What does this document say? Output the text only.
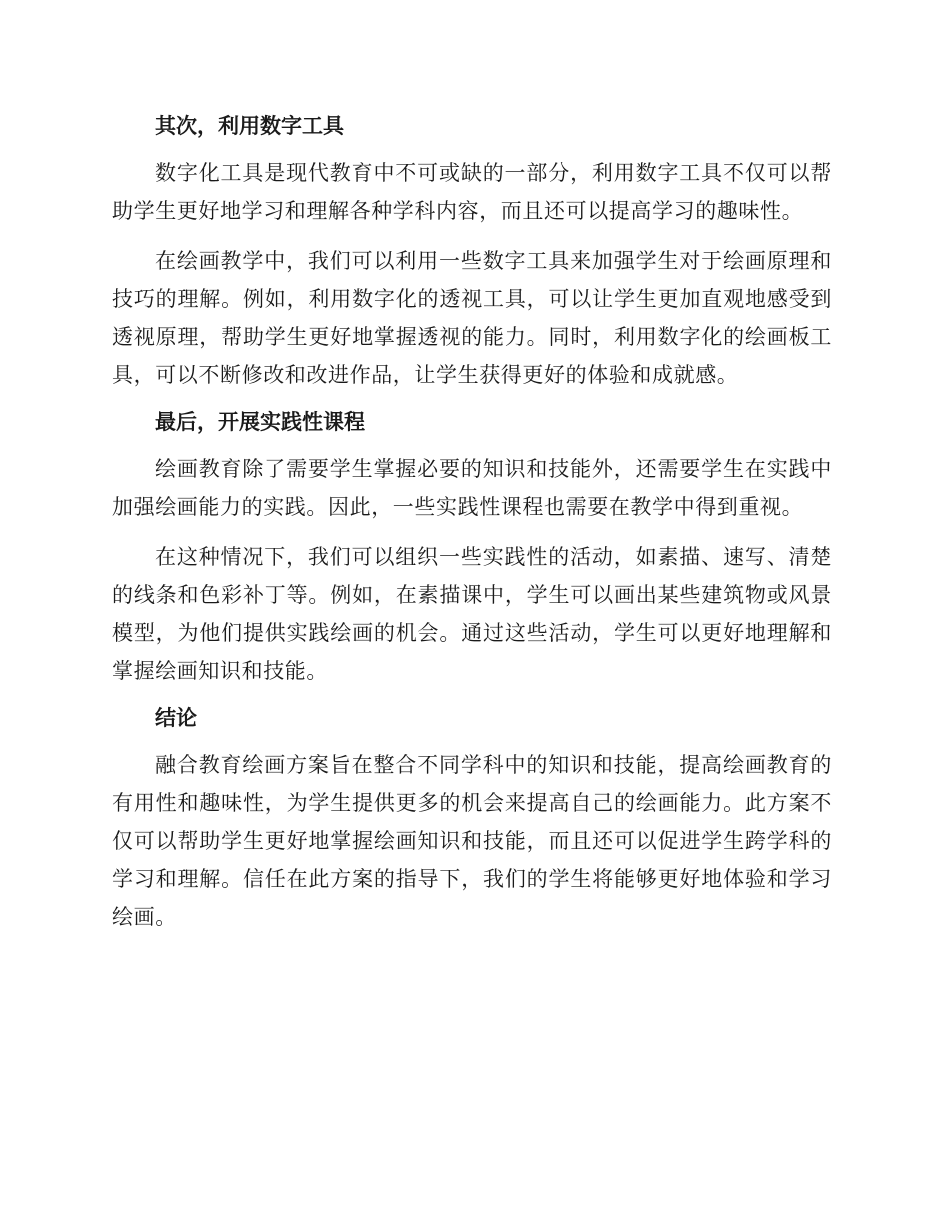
其次，利用数字工具

数字化工具是现代教育中不可或缺的一部分，利用数字工具不仅可以帮助学生更好地学习和理解各种学科内容，而且还可以提高学习的趣味性。

在绘画教学中，我们可以利用一些数字工具来加强学生对于绘画原理和技巧的理解。例如，利用数字化的透视工具，可以让学生更加直观地感受到透视原理，帮助学生更好地掌握透视的能力。同时，利用数字化的绘画板工具，可以不断修改和改进作品，让学生获得更好的体验和成就感。

最后，开展实践性课程

绘画教育除了需要学生掌握必要的知识和技能外，还需要学生在实践中加强绘画能力的实践。因此，一些实践性课程也需要在教学中得到重视。

在这种情况下，我们可以组织一些实践性的活动，如素描、速写、清楚的线条和色彩补丁等。例如，在素描课中，学生可以画出某些建筑物或风景模型，为他们提供实践绘画的机会。通过这些活动，学生可以更好地理解和掌握绘画知识和技能。

结论

融合教育绘画方案旨在整合不同学科中的知识和技能，提高绘画教育的有用性和趣味性，为学生提供更多的机会来提高自己的绘画能力。此方案不仅可以帮助学生更好地掌握绘画知识和技能，而且还可以促进学生跨学科的学习和理解。信任在此方案的指导下，我们的学生将能够更好地体验和学习绘画。
